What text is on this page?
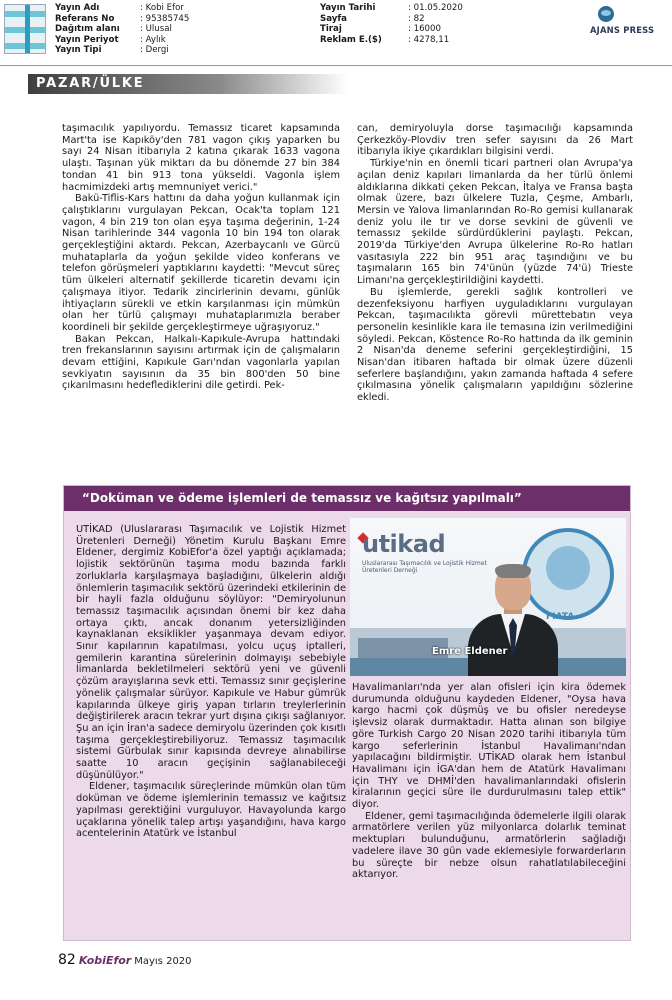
Yayın Adı	: Kobi Efor
Referans No	: 95385745
Dağıtım alanı	: Ulusal
Yayın Periyot	: Aylık
Yayın Tipi	: Dergi
Yayın Tarihi	: 01.05.2020
Sayfa	: 82
Tiraj	: 16000
Reklam E.($)	: 4278,11
AJANS PRESS
PAZAR/ÜLKE

taşımacılık yapılıyordu. Temassız ticaret kapsamında Mart'ta ise Kapıköy'den 781 vagon çıkış yaparken bu sayı 24 Nisan itibarıyla 2 katına çıkarak 1633 vagona ulaştı. Taşınan yük miktarı da bu dönemde 27 bin 384 tondan 41 bin 913 tona yükseldi. Vagonla işlem hacmimizdeki artış memnuniyet verici."

Bakü-Tiflis-Kars hattını da daha yoğun kullanmak için çalıştıklarını vurgulayan Pekcan, Ocak'ta toplam 121 vagon, 4 bin 219 ton olan eşya taşıma değerinin, 1-24 Nisan tarihlerinde 344 vagonla 10 bin 194 ton olarak gerçekleştiğini aktardı. Pekcan, Azerbaycanlı ve Gürcü muhataplarla da yoğun şekilde video konferans ve telefon görüşmeleri yaptıklarını kaydetti: "Mevcut süreç tüm ülkeleri alternatif şekillerde ticaretin devamı için çalışmaya itiyor. Tedarik zincirlerinin devamı, günlük ihtiyaçların sürekli ve etkin karşılanması için mümkün olan her türlü çalışmayı muhataplarımızla beraber koordineli bir şekilde gerçekleştirmeye uğraşıyoruz."

Bakan Pekcan, Halkalı-Kapıkule-Avrupa hattındaki tren frekanslarının sayısını artırmak için de çalışmaların devam ettiğini, Kapıkule Garı'ndan vagonlarla yapılan sevkiyatın sayısının da 35 bin 800'den 50 bine çıkarılmasını hedeflediklerini dile getirdi. Pek-

can, demiryoluyla dorse taşımacılığı kapsamında Çerkezköy-Plovdiv tren sefer sayısını da 26 Mart itibarıyla ikiye çıkardıkları bilgisini verdi.

Türkiye'nin en önemli ticari partneri olan Avrupa'ya açılan deniz kapıları limanlarda da her türlü önlemi aldıklarına dikkati çeken Pekcan, İtalya ve Fransa başta olmak üzere, bazı ülkelere Tuzla, Çeşme, Ambarlı, Mersin ve Yalova limanlarından Ro-Ro gemisi kullanarak deniz yolu ile tır ve dorse sevkini de güvenli ve temassız şekilde sürdürdüklerini paylaştı. Pekcan, 2019'da Türkiye'den Avrupa ülkelerine Ro-Ro hatları vasıtasıyla 222 bin 951 araç taşındığını ve bu taşımaların 165 bin 74'ünün (yüzde 74'ü) Trieste Limanı'na gerçekleştirildiğini kaydetti.

Bu işlemlerde, gerekli sağlık kontrolleri ve dezenfeksiyonu harfiyen uyguladıklarını vurgulayan Pekcan, taşımacılıkta görevli mürettebatın veya personelin kesinlikle kara ile temasına izin verilmediğini söyledi. Pekcan, Köstence Ro-Ro hattında da ilk geminin 2 Nisan'da deneme seferini gerçekleştirdiğini, 15 Nisan'dan itibaren haftada bir olmak üzere düzenli seferlere başlandığını, yakın zamanda haftada 4 sefere çıkılmasına yönelik çalışmaların yapıldığını sözlerine ekledi.

“Doküman ve ödeme işlemleri de temassız ve kağıtsız yapılmalı”

UTİKAD (Uluslararası Taşımacılık ve Lojistik Hizmet Üretenleri Derneği) Yönetim Kurulu Başkanı Emre Eldener, dergimiz KobiEfor'a özel yaptığı açıklamada; lojistik sektörünün taşıma modu bazında farklı zorluklarla karşılaşmaya başladığını, ülkelerin aldığı önlemlerin taşımacılık sektörü üzerindeki etkilerinin de bir hayli fazla olduğunu söylüyor: "Demiryolunun temassız taşımacılık açısından önemi bir kez daha ortaya çıktı, ancak donanım yetersizliğinden kaynaklanan eksiklikler yaşanmaya devam ediyor. Sınır kapılarının kapatılması, yolcu uçuş iptalleri, gemilerin karantina sürelerinin dolmayışı sebebiyle limanlarda bekletilmeleri sektörü yeni ve güvenli çözüm arayışlarına sevk etti. Temassız sınır geçişlerine yönelik çalışmalar sürüyor. Kapıkule ve Habur gümrük kapılarında ülkeye giriş yapan tırların treylerlerinin değiştirilerek aracın tekrar yurt dışına çıkışı sağlanıyor. Şu an için İran'a sadece demiryolu üzerinden çok kısıtlı taşıma gerçekleştirebiliyoruz. Temassız taşımacılık sistemi Gürbulak sınır kapısında devreye alınabilirse saatte 10 aracın geçişinin sağlanabileceği düşünülüyor."

Eldener, taşımacılık süreçlerinde mümkün olan tüm doküman ve ödeme işlemlerinin temassız ve kağıtsız yapılması gerektiğini vurguluyor. Havayolunda kargo uçaklarına yönelik talep artışı yaşandığını, hava kargo acentelerinin Atatürk ve İstanbul

utikad
Uluslararası Taşımacılık ve Lojistik Hizmet Üretenleri Derneği
FIATA
Emre Eldener

Havalimanları'nda yer alan ofisleri için kira ödemek durumunda olduğunu kaydeden Eldener, "Oysa hava kargo hacmi çok düşmüş ve bu ofisler neredeyse işlevsiz olarak durmaktadır. Hatta alınan son bilgiye göre Turkish Cargo 20 Nisan 2020 tarihi itibarıyla tüm kargo seferlerinin İstanbul Havalimanı'ndan yapılacağını bildirmiştir. UTİKAD olarak hem İstanbul Havalimanı için İGA'dan hem de Atatürk Havalimanı için THY ve DHMİ'den havalimanlarındaki ofislerin kiralarının geçici süre ile durdurulmasını talep ettik" diyor.

Eldener, gemi taşımacılığında ödemelerle ilgili olarak armatörlere verilen yüz milyonlarca dolarlık teminat mektupları bulunduğunu, armatörlerin sağladığı vadelere ilave 30 gün vade eklemesiyle forwarderların bu süreçte bir nebze olsun rahatlatılabileceğini aktarıyor.

82 KobiEfor Mayıs 2020
